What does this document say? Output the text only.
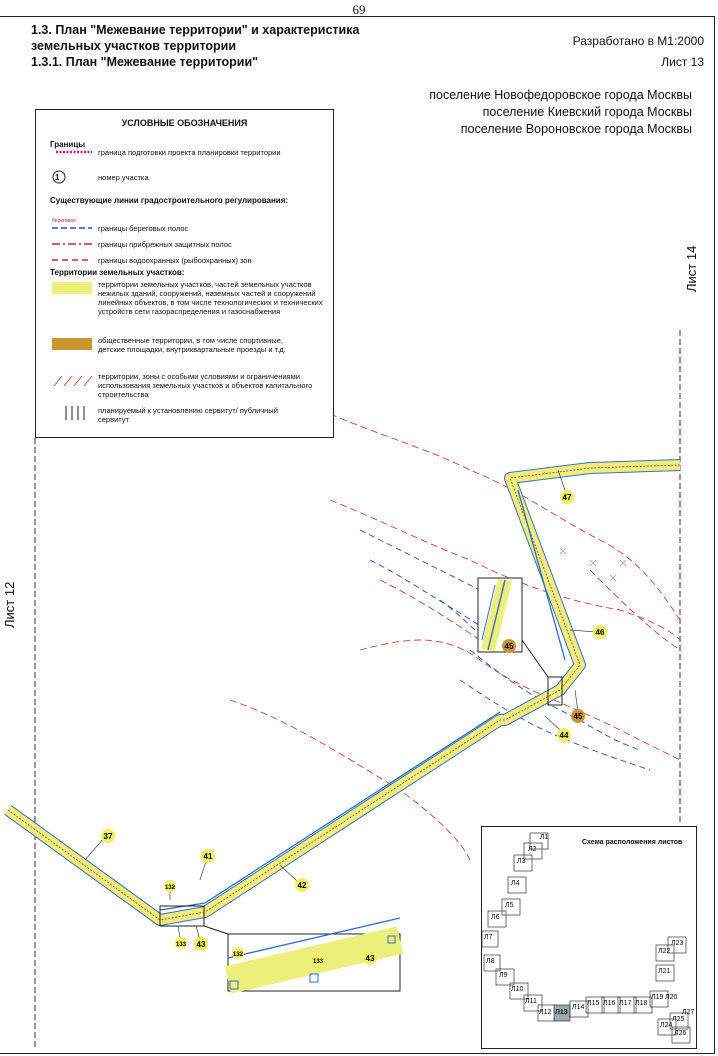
69
1.3. План "Межевание территории" и характеристика
земельных участков территории
1.3.1. План "Межевание территории"
Разработано в М1:2000
Лист 13
поселение Новофедоровское города Москвы
поселение Киевский города Москвы
поселение Вороновское города Москвы
47
46
45
45
44
41
42
37
132
133 43
132
133	43
Лист 12
Лист 14
УСЛОВНЫЕ ОБОЗНАЧЕНИЯ
Границы
граница подготовки проекта планировки территории
1	номер участка
Существующие линии градостроительного регулирования:
береговая
границы береговых полос
границы прибрежных защитных полос
границы водоохранных (рыбоохранных) зон
Территории земельных участков:
территории земельных участков, частей земельных участков нежилых зданий, сооружений, наземных частей и сооружений линейных объектов, в том числе технологических и технических устройств сети газораспределения и газоснабжения
общественные территории, в том числе спортивные, детские площадки, внутриквартальные проезды и т.д.
территории, зоны с особыми условиями и ограничениями использования земельных участков и объектов капитального строительства
планируемый к установлению сервитут/ публичный сервитут
Схема расположения листов
Л1
Л2
Л3
Л4
Л5
Л6
Л7
Л8
Л9
Л10
Л11
Л12 Л13
Л14
Л15 Л16 Л17 Л18
Л19 Л20
Л21
Л22
Л23
Л24
Л25
Л26
Л27
